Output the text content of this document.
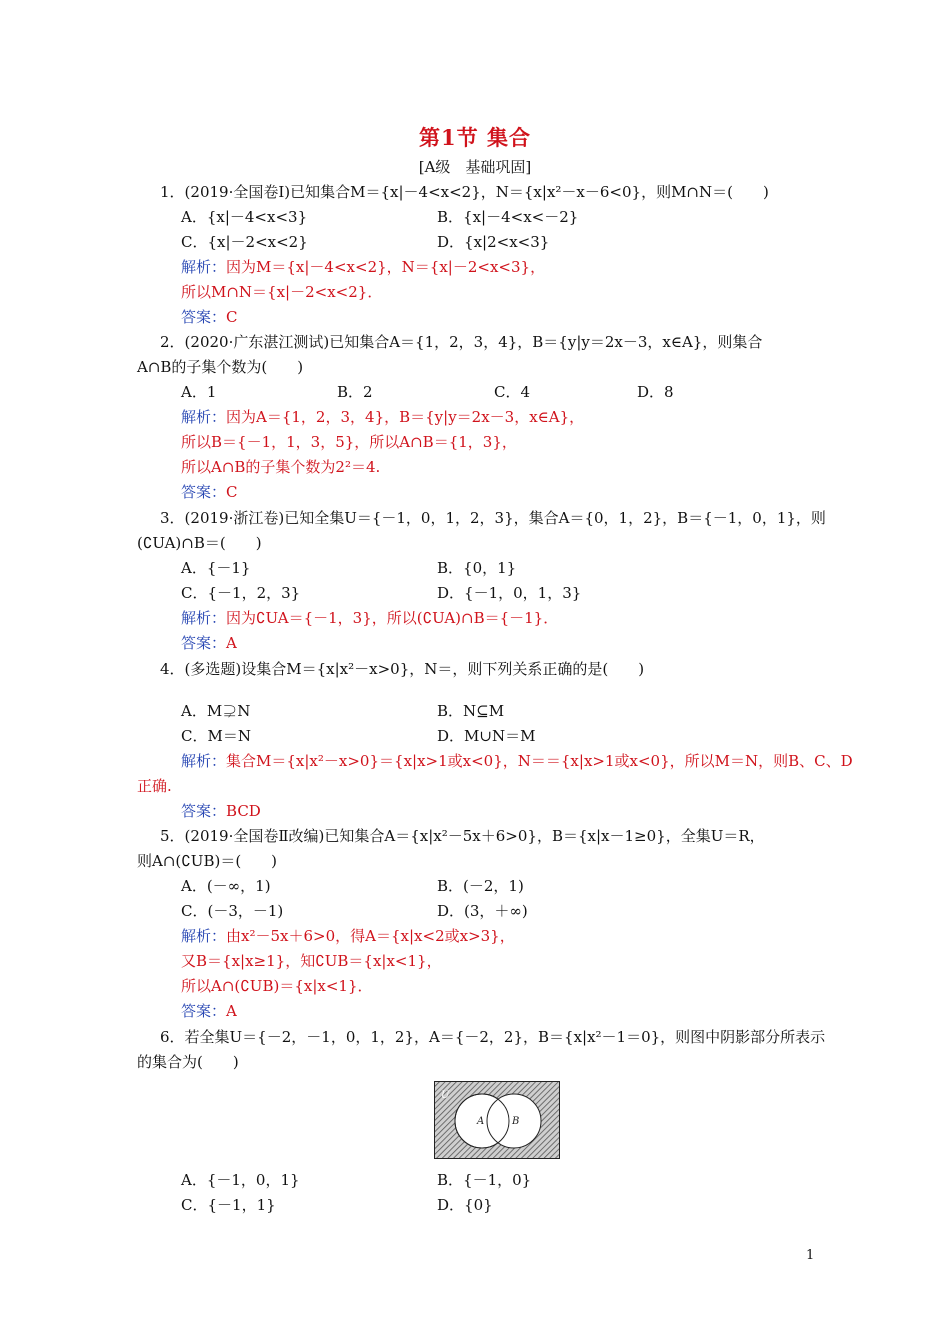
第1节 集合
[A级　基础巩固]
1．(2019·全国卷Ⅰ)已知集合M＝{x|－4<x<2}，N＝{x|x²－x－6<0}，则M∩N＝(　　)
A．{x|－4<x<3}	B．{x|－4<x<－2}
C．{x|－2<x<2}	D．{x|2<x<3}
解析：因为M＝{x|－4<x<2}，N＝{x|－2<x<3}，
所以M∩N＝{x|－2<x<2}．
答案：C
2．(2020·广东湛江测试)已知集合A＝{1，2，3，4}，B＝{y|y＝2x－3，x∈A}，则集合
A∩B的子集个数为(　　)
A．1	B．2	C．4	D．8
解析：因为A＝{1，2，3，4}，B＝{y|y＝2x－3，x∈A}，
所以B＝{－1，1，3，5}，所以A∩B＝{1，3}，
所以A∩B的子集个数为2²＝4.
答案：C
3．(2019·浙江卷)已知全集U＝{－1，0，1，2，3}，集合A＝{0，1，2}，B＝{－1，0，1}，则
(∁UA)∩B＝(　　)
A．{－1}	B．{0，1}
C．{－1，2，3}	D．{－1，0，1，3}
解析：因为∁UA＝{－1，3}，所以(∁UA)∩B＝{－1}．
答案：A
4．(多选题)设集合M＝{x|x²－x>0}，N＝，则下列关系正确的是(　　)
A．M⊋N	B．N⊆M
C．M＝N	D．M∪N＝M
解析：集合M＝{x|x²－x>0}＝{x|x>1或x<0}，N＝＝{x|x>1或x<0}，所以M＝N，则B、C、D
正确.
答案：BCD
5．(2019·全国卷Ⅱ改编)已知集合A＝{x|x²－5x＋6>0}，B＝{x|x－1≥0}，全集U＝R，
则A∩(∁UB)＝(　　)
A．(－∞，1)	B．(－2，1)
C．(－3，－1)	D．(3，＋∞)
解析：由x²－5x＋6>0，得A＝{x|x<2或x>3}，
又B＝{x|x≥1}，知∁UB＝{x|x<1}，
所以A∩(∁UB)＝{x|x<1}．
答案：A
6．若全集U＝{－2，－1，0，1，2}，A＝{－2，2}，B＝{x|x²－1＝0}，则图中阴影部分所表示
的集合为(　　)
U
A	B
A．{－1，0，1}	B．{－1，0}
C．{－1，1}	D．{0}
1
